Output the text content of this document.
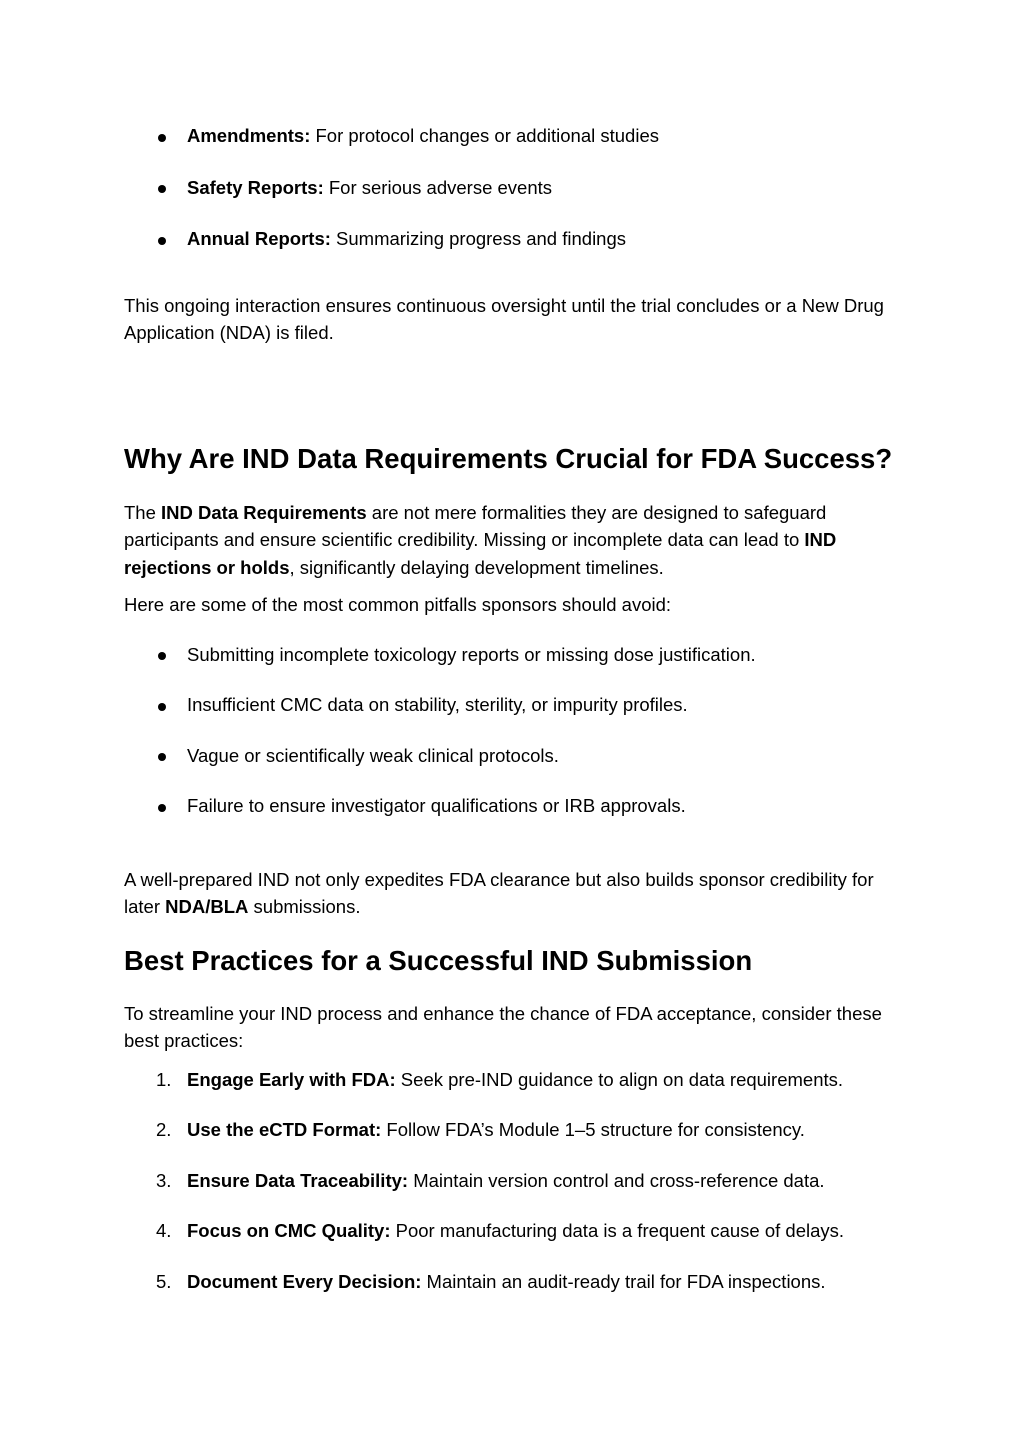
Amendments: For protocol changes or additional studies
Safety Reports: For serious adverse events
Annual Reports: Summarizing progress and findings

This ongoing interaction ensures continuous oversight until the trial concludes or a New Drug Application (NDA) is filed.

Why Are IND Data Requirements Crucial for FDA Success?

The IND Data Requirements are not mere formalities they are designed to safeguard participants and ensure scientific credibility. Missing or incomplete data can lead to IND rejections or holds, significantly delaying development timelines.

Here are some of the most common pitfalls sponsors should avoid:

Submitting incomplete toxicology reports or missing dose justification.
Insufficient CMC data on stability, sterility, or impurity profiles.
Vague or scientifically weak clinical protocols.
Failure to ensure investigator qualifications or IRB approvals.

A well-prepared IND not only expedites FDA clearance but also builds sponsor credibility for later NDA/BLA submissions.

Best Practices for a Successful IND Submission

To streamline your IND process and enhance the chance of FDA acceptance, consider these best practices:

Engage Early with FDA: Seek pre-IND guidance to align on data requirements.
Use the eCTD Format: Follow FDA’s Module 1–5 structure for consistency.
Ensure Data Traceability: Maintain version control and cross-reference data.
Focus on CMC Quality: Poor manufacturing data is a frequent cause of delays.
Document Every Decision: Maintain an audit-ready trail for FDA inspections.
